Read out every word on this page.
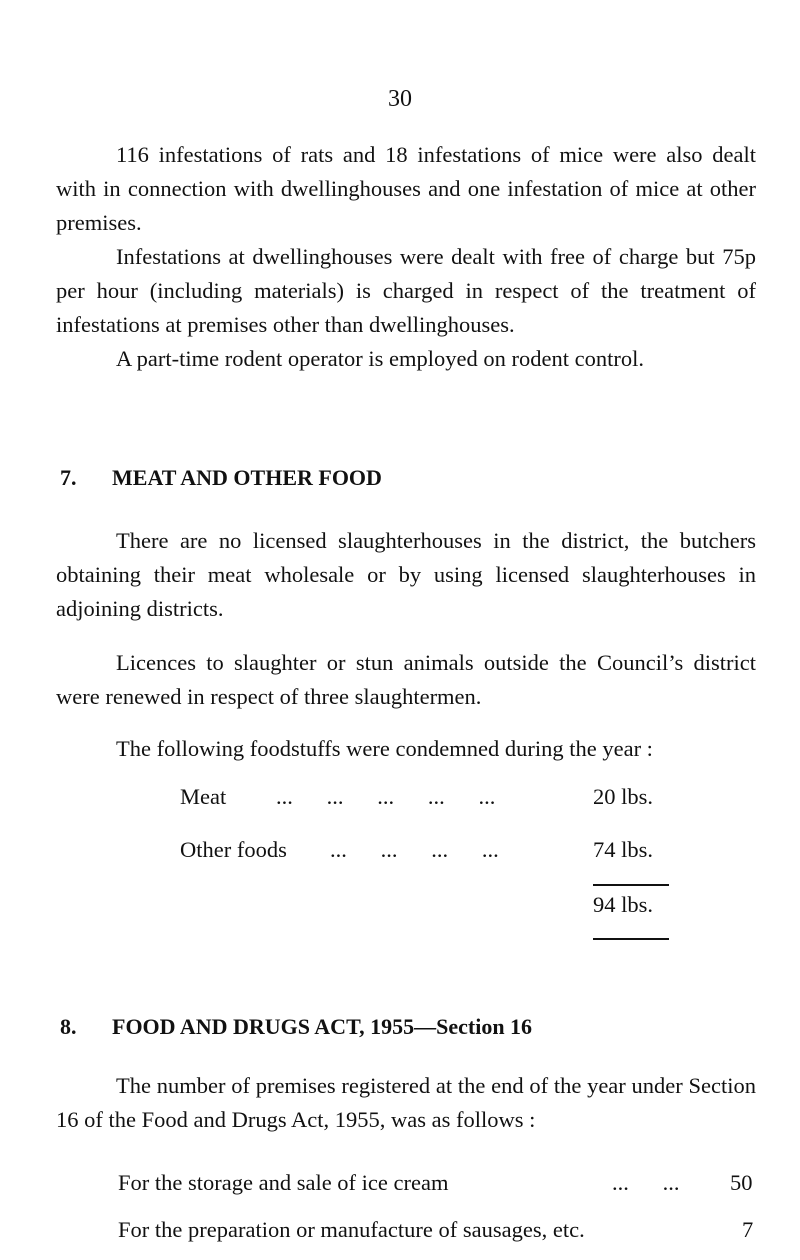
30

116 infestations of rats and 18 infestations of mice were also dealt with in connection with dwellinghouses and one infestation of mice at other premises.

Infestations at dwellinghouses were dealt with free of charge but 75p per hour (including materials) is charged in respect of the treatment of infestations at premises other than dwellinghouses.

A part-time rodent operator is employed on rodent control.

7. MEAT AND OTHER FOOD

There are no licensed slaughterhouses in the district, the butchers obtaining their meat wholesale or by using licensed slaughterhouses in adjoining districts.

Licences to slaughter or stun animals outside the Council’s district were renewed in respect of three slaughtermen.

The following foodstuffs were condemned during the year :

Meat ...      ...      ...      ...      ...	20 lbs.
Other foods ...      ...      ...      ...	74 lbs.
94 lbs.
8. FOOD AND DRUGS ACT, 1955—Section 16

The number of premises registered at the end of the year under Section 16 of the Food and Drugs Act, 1955, was as follows :

For the storage and sale of ice cream	...      ... 50
For the preparation or manufacture of sausages, etc.	7
